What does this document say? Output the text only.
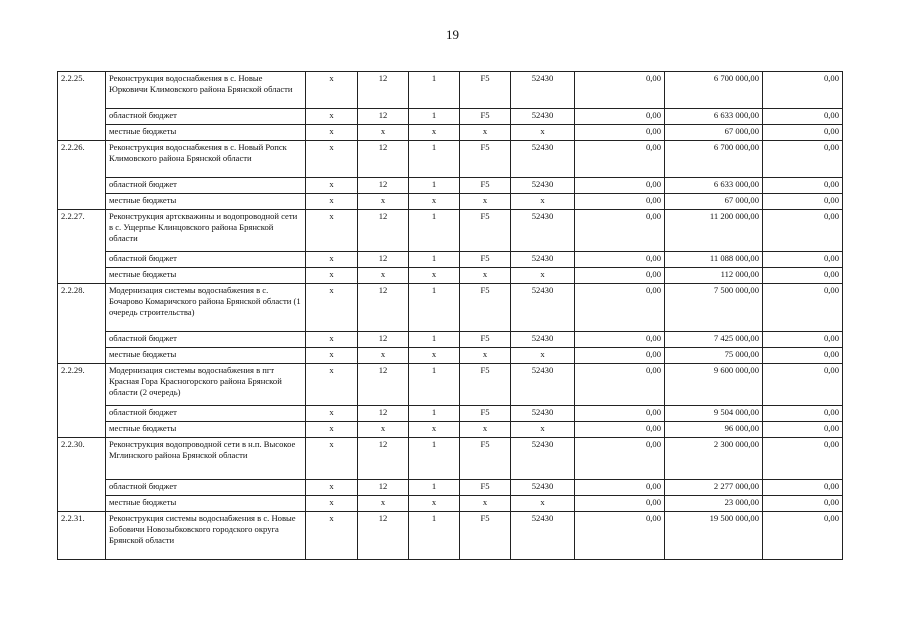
19
2.2.25.	Реконструкция водоснабжения в с. Новые Юрковичи Климовского района Брянской области	x	12	1	F5	52430	0,00	6 700 000,00	0,00
	областной бюджет	x	12	1	F5	52430	0,00	6 633 000,00	0,00
	местные бюджеты	x	x	x	x	x	0,00	67 000,00	0,00
2.2.26.	Реконструкция водоснабжения в с. Новый Ропск Климовского района Брянской области	x	12	1	F5	52430	0,00	6 700 000,00	0,00
	областной бюджет	x	12	1	F5	52430	0,00	6 633 000,00	0,00
	местные бюджеты	x	x	x	x	x	0,00	67 000,00	0,00
2.2.27.	Реконструкция артскважины и водопроводной сети в с. Ущерпье Клинцовского района Брянской области	x	12	1	F5	52430	0,00	11 200 000,00	0,00
	областной бюджет	x	12	1	F5	52430	0,00	11 088 000,00	0,00
	местные бюджеты	x	x	x	x	x	0,00	112 000,00	0,00
2.2.28.	Модернизация системы водоснабжения в с. Бочарово Комаричского района Брянской области (1 очередь строительства)	x	12	1	F5	52430	0,00	7 500 000,00	0,00
	областной бюджет	x	12	1	F5	52430	0,00	7 425 000,00	0,00
	местные бюджеты	x	x	x	x	x	0,00	75 000,00	0,00
2.2.29.	Модернизация системы водоснабжения в пгт Красная Гора Красногорского района Брянской области (2 очередь)	x	12	1	F5	52430	0,00	9 600 000,00	0,00
	областной бюджет	x	12	1	F5	52430	0,00	9 504 000,00	0,00
	местные бюджеты	x	x	x	x	x	0,00	96 000,00	0,00
2.2.30.	Реконструкция водопроводной сети в н.п. Высокое Мглинского района Брянской области	x	12	1	F5	52430	0,00	2 300 000,00	0,00
	областной бюджет	x	12	1	F5	52430	0,00	2 277 000,00	0,00
	местные бюджеты	x	x	x	x	x	0,00	23 000,00	0,00
2.2.31.	Реконструкция системы водоснабжения в с. Новые Бобовичи Новозыбковского городского округа Брянской области	x	12	1	F5	52430	0,00	19 500 000,00	0,00
